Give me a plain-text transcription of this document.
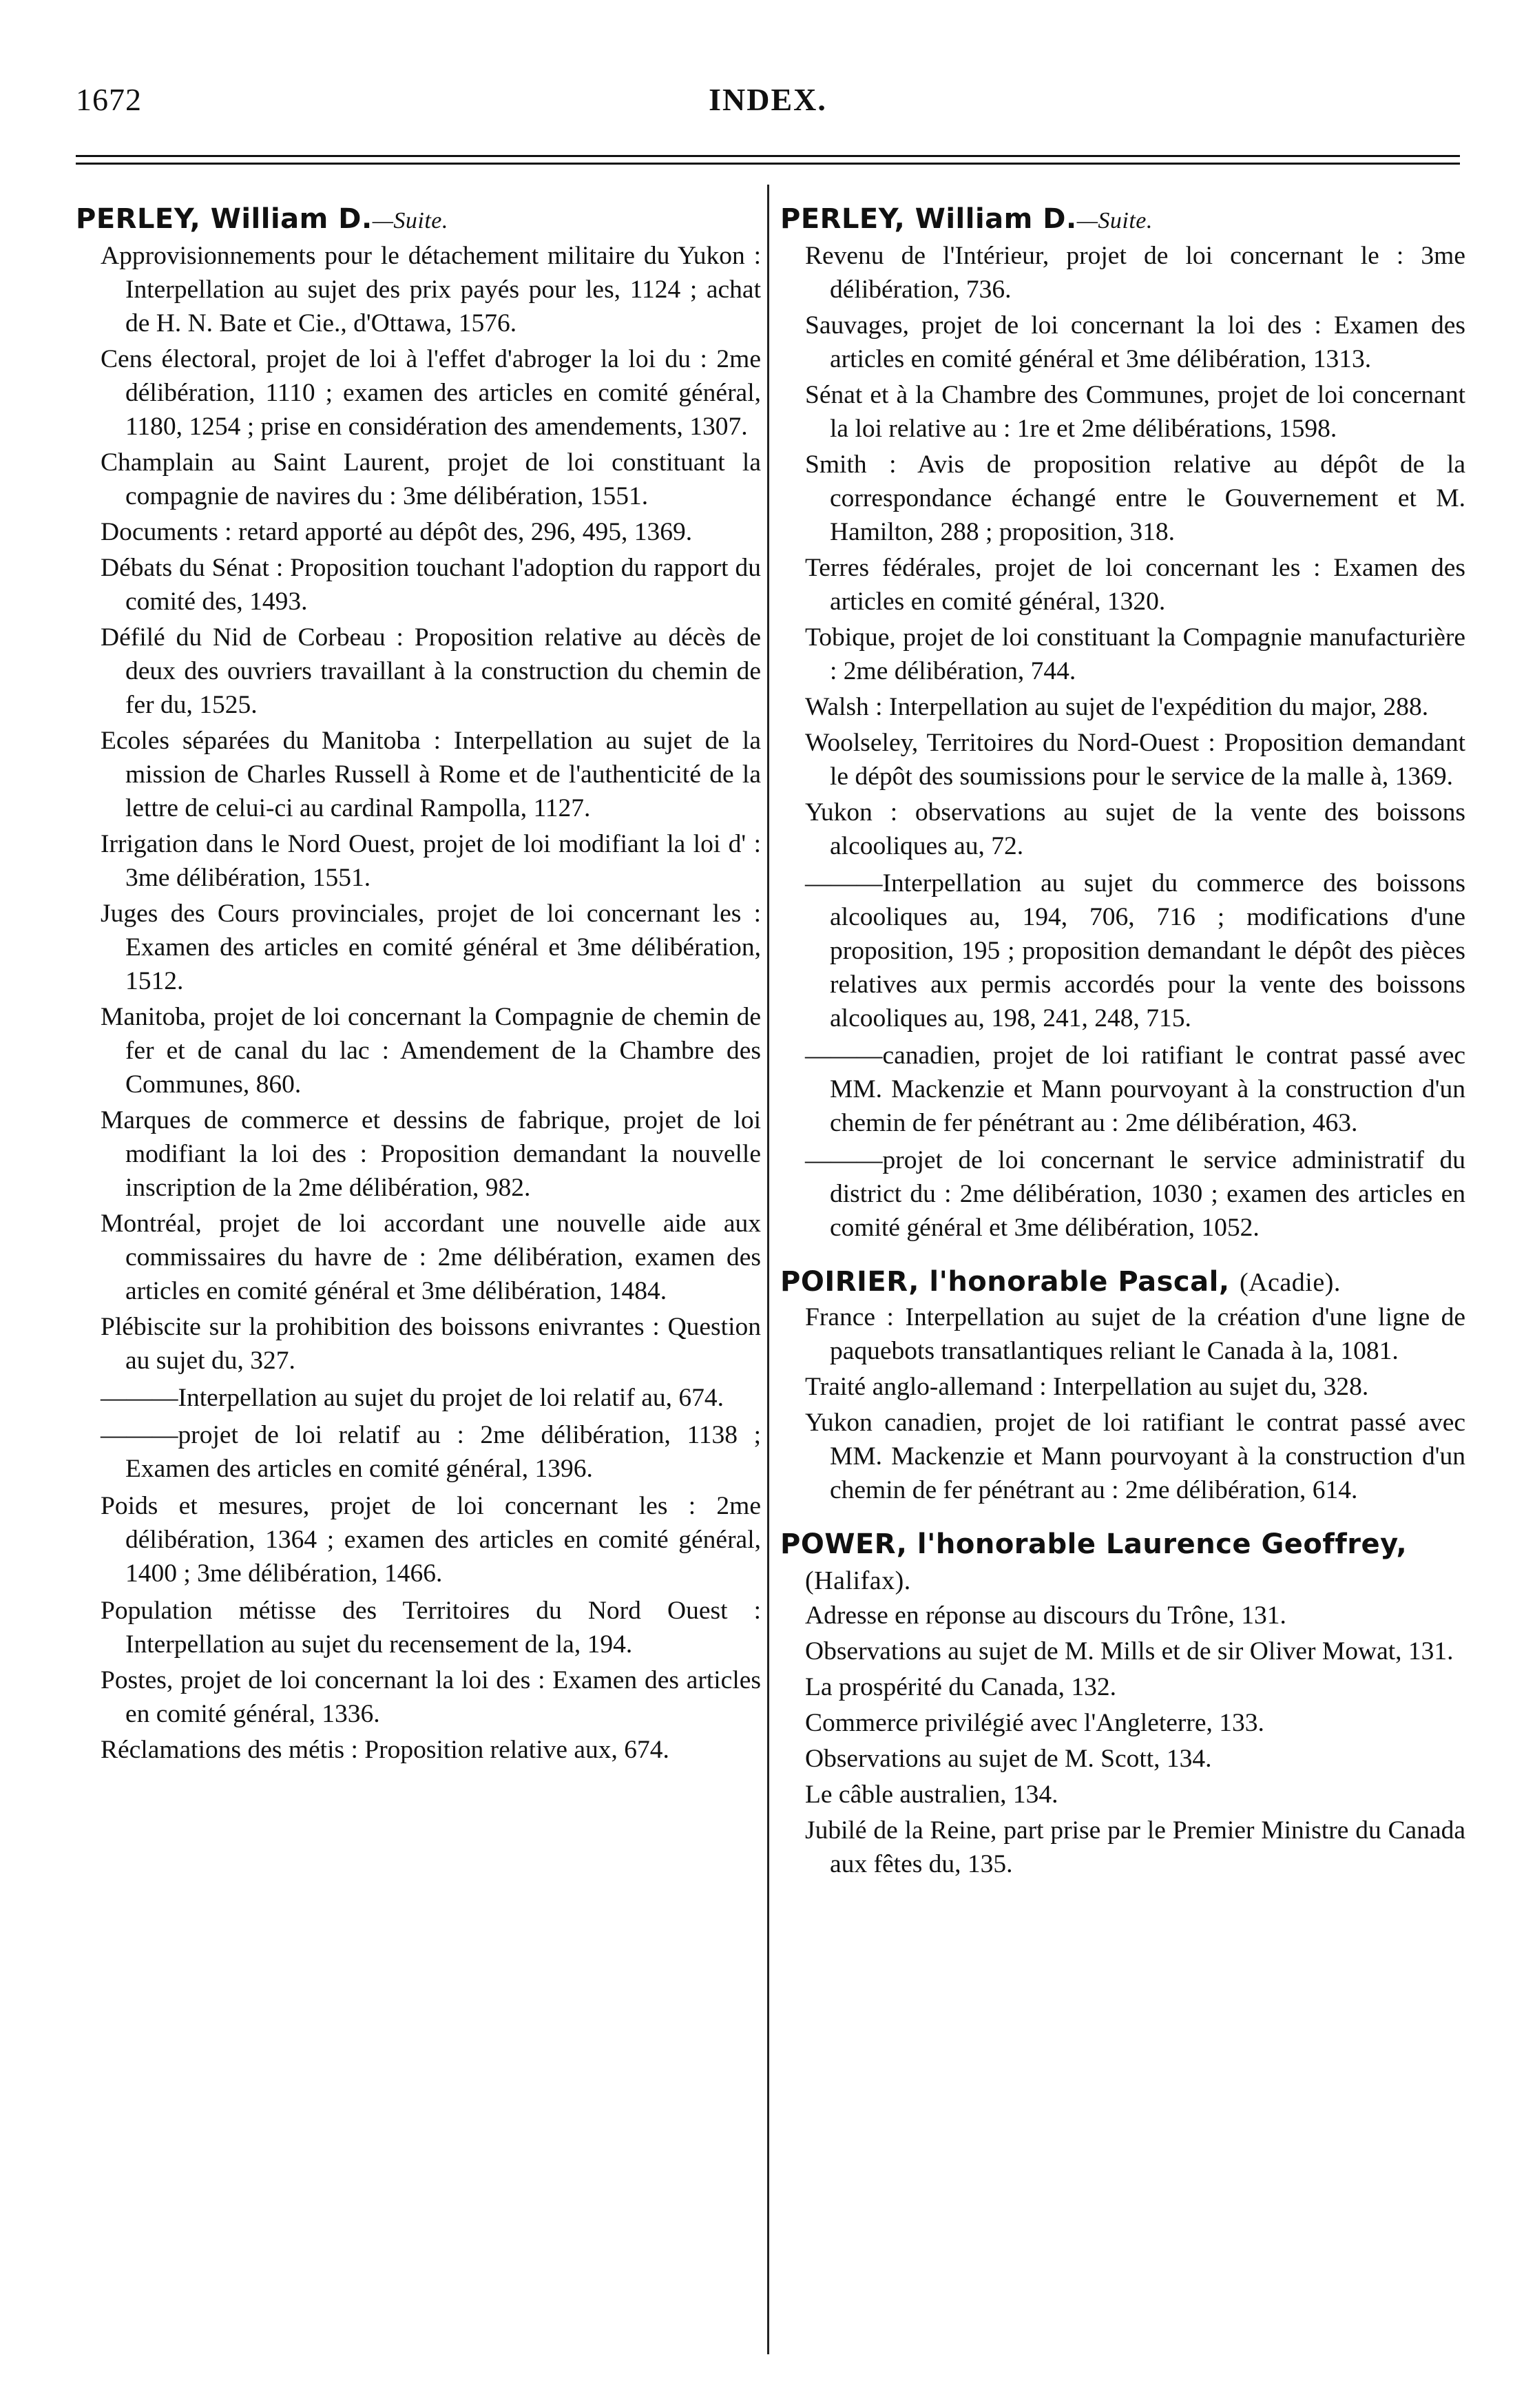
1672	INDEX.
PERLEY, William D.—Suite.

Approvisionnements pour le détachement militaire du Yukon : Interpellation au sujet des prix payés pour les, 1124 ; achat de H. N. Bate et Cie., d'Ottawa, 1576.

Cens électoral, projet de loi à l'effet d'abroger la loi du : 2me délibération, 1110 ; examen des articles en comité général, 1180, 1254 ; prise en considération des amendements, 1307.

Champlain au Saint Laurent, projet de loi constituant la compagnie de navires du : 3me délibération, 1551.

Documents : retard apporté au dépôt des, 296, 495, 1369.

Débats du Sénat : Proposition touchant l'adoption du rapport du comité des, 1493.

Défilé du Nid de Corbeau : Proposition relative au décès de deux des ouvriers travaillant à la construction du chemin de fer du, 1525.

Ecoles séparées du Manitoba : Interpellation au sujet de la mission de Charles Russell à Rome et de l'authenticité de la lettre de celui-ci au cardinal Rampolla, 1127.

Irrigation dans le Nord Ouest, projet de loi modifiant la loi d' : 3me délibération, 1551.

Juges des Cours provinciales, projet de loi concernant les : Examen des articles en comité général et 3me délibération, 1512.

Manitoba, projet de loi concernant la Compagnie de chemin de fer et de canal du lac : Amendement de la Chambre des Communes, 860.

Marques de commerce et dessins de fabrique, projet de loi modifiant la loi des : Proposition demandant la nouvelle inscription de la 2me délibération, 982.

Montréal, projet de loi accordant une nouvelle aide aux commissaires du havre de : 2me délibération, examen des articles en comité général et 3me délibération, 1484.

Plébiscite sur la prohibition des boissons enivrantes : Question au sujet du, 327.

———Interpellation au sujet du projet de loi relatif au, 674.

———projet de loi relatif au : 2me délibération, 1138 ; Examen des articles en comité général, 1396.

Poids et mesures, projet de loi concernant les : 2me délibération, 1364 ; examen des articles en comité général, 1400 ; 3me délibération, 1466.

Population métisse des Territoires du Nord Ouest : Interpellation au sujet du recensement de la, 194.

Postes, projet de loi concernant la loi des : Examen des articles en comité général, 1336.

Réclamations des métis : Proposition relative aux, 674.

PERLEY, William D.—Suite.

Revenu de l'Intérieur, projet de loi concernant le : 3me délibération, 736.

Sauvages, projet de loi concernant la loi des : Examen des articles en comité général et 3me délibération, 1313.

Sénat et à la Chambre des Communes, projet de loi concernant la loi relative au : 1re et 2me délibérations, 1598.

Smith : Avis de proposition relative au dépôt de la correspondance échangé entre le Gouvernement et M. Hamilton, 288 ; proposition, 318.

Terres fédérales, projet de loi concernant les : Examen des articles en comité général, 1320.

Tobique, projet de loi constituant la Compagnie manufacturière : 2me délibération, 744.

Walsh : Interpellation au sujet de l'expédition du major, 288.

Woolseley, Territoires du Nord-Ouest : Proposition demandant le dépôt des soumissions pour le service de la malle à, 1369.

Yukon : observations au sujet de la vente des boissons alcooliques au, 72.

———Interpellation au sujet du commerce des boissons alcooliques au, 194, 706, 716 ; modifications d'une proposition, 195 ; proposition demandant le dépôt des pièces relatives aux permis accordés pour la vente des boissons alcooliques au, 198, 241, 248, 715.

———canadien, projet de loi ratifiant le contrat passé avec MM. Mackenzie et Mann pourvoyant à la construction d'un chemin de fer pénétrant au : 2me délibération, 463.

———projet de loi concernant le service administratif du district du : 2me délibération, 1030 ; examen des articles en comité général et 3me délibération, 1052.

POIRIER, l'honorable Pascal, (Acadie).

France : Interpellation au sujet de la création d'une ligne de paquebots transatlantiques reliant le Canada à la, 1081.

Traité anglo-allemand : Interpellation au sujet du, 328.

Yukon canadien, projet de loi ratifiant le contrat passé avec MM. Mackenzie et Mann pourvoyant à la construction d'un chemin de fer pénétrant au : 2me délibération, 614.

POWER, l'honorable Laurence Geoffrey,
(Halifax).

Adresse en réponse au discours du Trône, 131.

Observations au sujet de M. Mills et de sir Oliver Mowat, 131.

La prospérité du Canada, 132.

Commerce privilégié avec l'Angleterre, 133.

Observations au sujet de M. Scott, 134.

Le câble australien, 134.

Jubilé de la Reine, part prise par le Premier Ministre du Canada aux fêtes du, 135.
